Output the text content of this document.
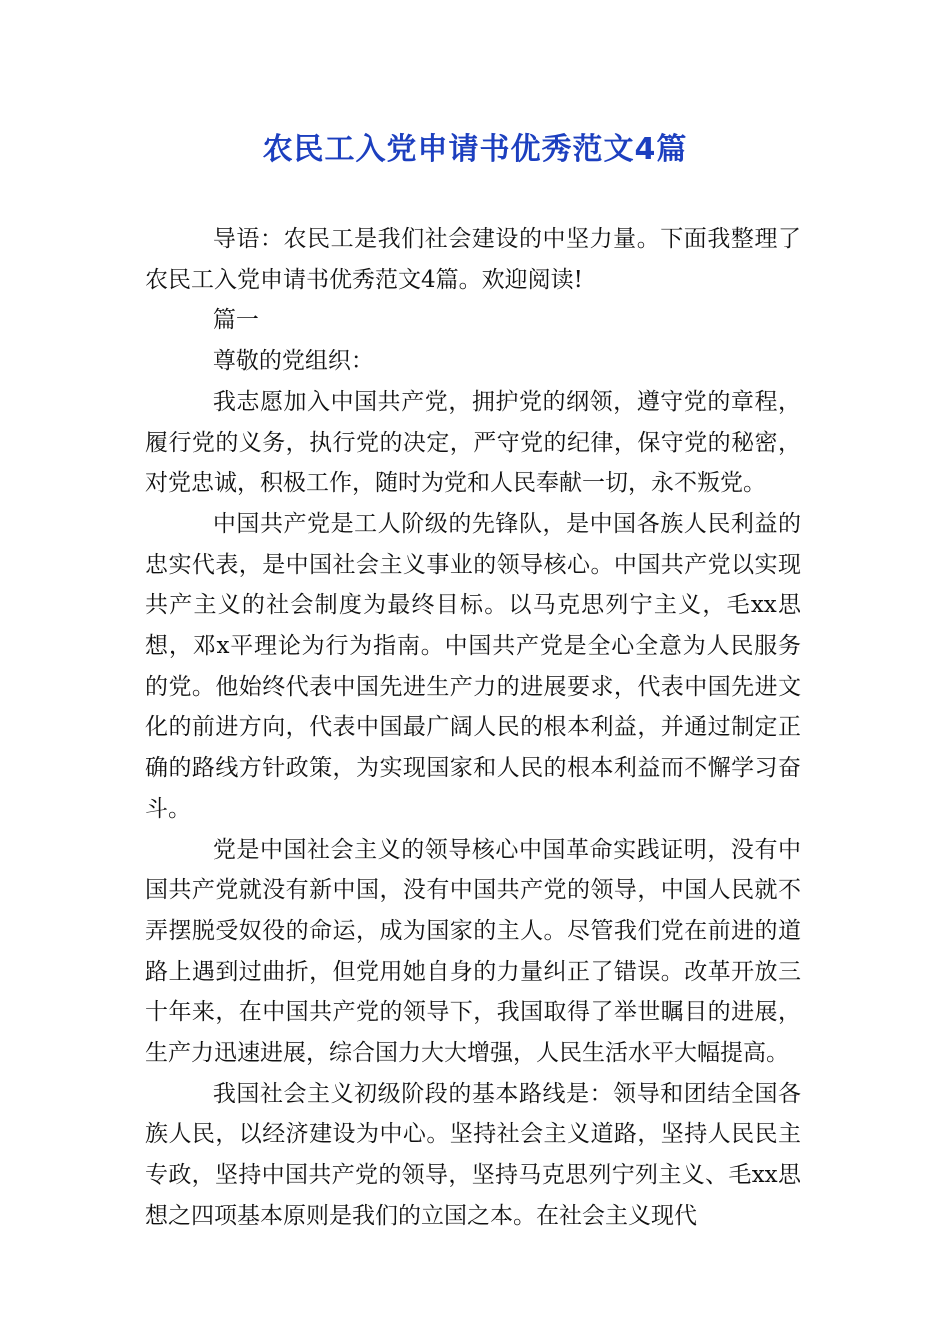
农民工入党申请书优秀范文4篇

导语：农民工是我们社会建设的中坚力量。下面我整理了农民工入党申请书优秀范文4篇。欢迎阅读!

篇一

尊敬的党组织：

我志愿加入中国共产党，拥护党的纲领，遵守党的章程，履行党的义务，执行党的决定，严守党的纪律，保守党的秘密，对党忠诚，积极工作，随时为党和人民奉献一切，永不叛党。

中国共产党是工人阶级的先锋队，是中国各族人民利益的忠实代表，是中国社会主义事业的领导核心。中国共产党以实现共产主义的社会制度为最终目标。以马克思列宁主义，毛xx思想，邓x平理论为行为指南。中国共产党是全心全意为人民服务的党。他始终代表中国先进生产力的进展要求，代表中国先进文化的前进方向，代表中国最广阔人民的根本利益，并通过制定正确的路线方针政策，为实现国家和人民的根本利益而不懈学习奋斗。

党是中国社会主义的领导核心中国革命实践证明，没有中国共产党就没有新中国，没有中国共产党的领导，中国人民就不弄摆脱受奴役的命运，成为国家的主人。尽管我们党在前进的道路上遇到过曲折，但党用她自身的力量纠正了错误。改革开放三十年来，在中国共产党的领导下，我国取得了举世瞩目的进展，生产力迅速进展，综合国力大大增强，人民生活水平大幅提高。

我国社会主义初级阶段的基本路线是：领导和团结全国各族人民，以经济建设为中心。坚持社会主义道路，坚持人民民主专政，坚持中国共产党的领导，坚持马克思列宁列主义、毛xx思想之四项基本原则是我们的立国之本。在社会主义现代
